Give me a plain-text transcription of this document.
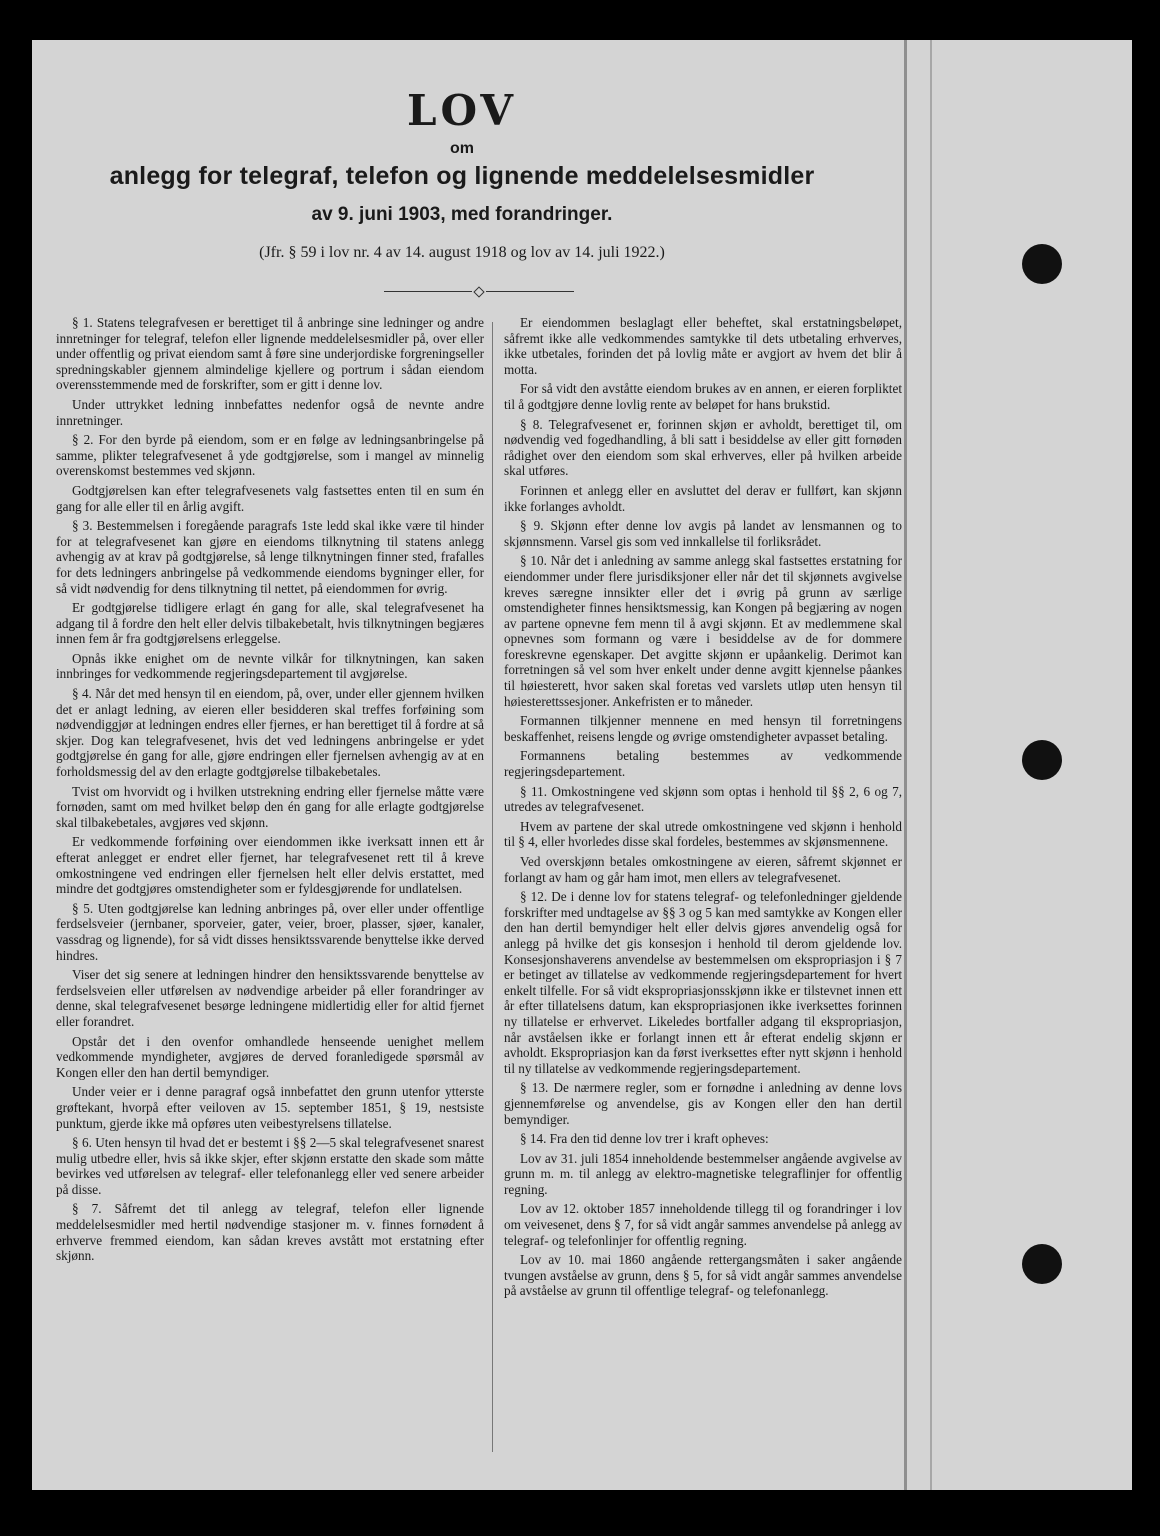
LOV
om
anlegg for telegraf, telefon og lignende meddelelsesmidler
av 9. juni 1903, med forandringer.
(Jfr. § 59 i lov nr. 4 av 14. august 1918 og lov av 14. juli 1922.)

§ 1. Statens telegrafvesen er berettiget til å anbringe sine ledninger og andre innretninger for telegraf, telefon eller lignende meddelelsesmidler på, over eller under offentlig og privat eiendom samt å føre sine underjordiske forgreningseller spredningskabler gjennem almindelige kjellere og portrum i sådan eiendom overensstemmende med de forskrifter, som er gitt i denne lov.

Under uttrykket ledning innbefattes nedenfor også de nevnte andre innretninger.

§ 2. For den byrde på eiendom, som er en følge av ledningsanbringelse på samme, plikter telegrafvesenet å yde godtgjørelse, som i mangel av minnelig overenskomst bestemmes ved skjønn.

Godtgjørelsen kan efter telegrafvesenets valg fastsettes enten til en sum én gang for alle eller til en årlig avgift.

§ 3. Bestemmelsen i foregående paragrafs 1ste ledd skal ikke være til hinder for at telegrafvesenet kan gjøre en eiendoms tilknytning til statens anlegg avhengig av at krav på godtgjørelse, så lenge tilknytningen finner sted, frafalles for dets ledningers anbringelse på vedkommende eiendoms bygninger eller, for så vidt nødvendig for dens tilknytning til nettet, på eiendommen for øvrig.

Er godtgjørelse tidligere erlagt én gang for alle, skal telegrafvesenet ha adgang til å fordre den helt eller delvis tilbakebetalt, hvis tilknytningen begjæres innen fem år fra godtgjørelsens erleggelse.

Opnås ikke enighet om de nevnte vilkår for tilknytningen, kan saken innbringes for vedkommende regjeringsdepartement til avgjørelse.

§ 4. Når det med hensyn til en eiendom, på, over, under eller gjennem hvilken det er anlagt ledning, av eieren eller besidderen skal treffes forføining som nødvendiggjør at ledningen endres eller fjernes, er han berettiget til å fordre at så skjer. Dog kan telegrafvesenet, hvis det ved ledningens anbringelse er ydet godtgjørelse én gang for alle, gjøre endringen eller fjernelsen avhengig av at en forholdsmessig del av den erlagte godtgjørelse tilbakebetales.

Tvist om hvorvidt og i hvilken utstrekning endring eller fjernelse måtte være fornøden, samt om med hvilket beløp den én gang for alle erlagte godtgjørelse skal tilbakebetales, avgjøres ved skjønn.

Er vedkommende forføining over eiendommen ikke iverksatt innen ett år efterat anlegget er endret eller fjernet, har telegrafvesenet rett til å kreve omkostningene ved endringen eller fjernelsen helt eller delvis erstattet, med mindre det godtgjøres omstendigheter som er fyldesgjørende for undlatelsen.

§ 5. Uten godtgjørelse kan ledning anbringes på, over eller under offentlige ferdselsveier (jernbaner, sporveier, gater, veier, broer, plasser, sjøer, kanaler, vassdrag og lignende), for så vidt disses hensiktssvarende benyttelse ikke derved hindres.

Viser det sig senere at ledningen hindrer den hensiktssvarende benyttelse av ferdselsveien eller utførelsen av nødvendige arbeider på eller forandringer av denne, skal telegrafvesenet besørge ledningene midlertidig eller for altid fjernet eller forandret.

Opstår det i den ovenfor omhandlede henseende uenighet mellem vedkommende myndigheter, avgjøres de derved foranledigede spørsmål av Kongen eller den han dertil bemyndiger.

Under veier er i denne paragraf også innbefattet den grunn utenfor ytterste grøftekant, hvorpå efter veiloven av 15. september 1851, § 19, nestsiste punktum, gjerde ikke må opføres uten veibestyrelsens tillatelse.

§ 6. Uten hensyn til hvad det er bestemt i §§ 2—5 skal telegrafvesenet snarest mulig utbedre eller, hvis så ikke skjer, efter skjønn erstatte den skade som måtte bevirkes ved utførelsen av telegraf- eller telefonanlegg eller ved senere arbeider på disse.

§ 7. Såfremt det til anlegg av telegraf, telefon eller lignende meddelelsesmidler med hertil nødvendige stasjoner m. v. finnes fornødent å erhverve fremmed eiendom, kan sådan kreves avstått mot erstatning efter skjønn.

Er eiendommen beslaglagt eller beheftet, skal erstatningsbeløpet, såfremt ikke alle vedkommendes samtykke til dets utbetaling erhverves, ikke utbetales, forinden det på lovlig måte er avgjort av hvem det blir å motta.

For så vidt den avståtte eiendom brukes av en annen, er eieren forpliktet til å godtgjøre denne lovlig rente av beløpet for hans brukstid.

§ 8. Telegrafvesenet er, forinnen skjøn er avholdt, berettiget til, om nødvendig ved fogedhandling, å bli satt i besiddelse av eller gitt fornøden rådighet over den eiendom som skal erhverves, eller på hvilken arbeide skal utføres.

Forinnen et anlegg eller en avsluttet del derav er fullført, kan skjønn ikke forlanges avholdt.

§ 9. Skjønn efter denne lov avgis på landet av lensmannen og to skjønnsmenn. Varsel gis som ved innkallelse til forliksrådet.

§ 10. Når det i anledning av samme anlegg skal fastsettes erstatning for eiendommer under flere jurisdiksjoner eller når det til skjønnets avgivelse kreves særegne innsikter eller det i øvrig på grunn av særlige omstendigheter finnes hensiktsmessig, kan Kongen på begjæring av nogen av partene opnevne fem menn til å avgi skjønn. Et av medlemmene skal opnevnes som formann og være i besiddelse av de for dommere foreskrevne egenskaper. Det avgitte skjønn er upåankelig. Derimot kan forretningen så vel som hver enkelt under denne avgitt kjennelse påankes til høiesterett, hvor saken skal foretas ved varslets utløp uten hensyn til høiesterettssesjoner. Ankefristen er to måneder.

Formannen tilkjenner mennene en med hensyn til forretningens beskaffenhet, reisens lengde og øvrige omstendigheter avpasset betaling.

Formannens betaling bestemmes av vedkommende regjeringsdepartement.

§ 11. Omkostningene ved skjønn som optas i henhold til §§ 2, 6 og 7, utredes av telegrafvesenet.

Hvem av partene der skal utrede omkostningene ved skjønn i henhold til § 4, eller hvorledes disse skal fordeles, bestemmes av skjønsmennene.

Ved overskjønn betales omkostningene av eieren, såfremt skjønnet er forlangt av ham og går ham imot, men ellers av telegrafvesenet.

§ 12. De i denne lov for statens telegraf- og telefonledninger gjeldende forskrifter med undtagelse av §§ 3 og 5 kan med samtykke av Kongen eller den han dertil bemyndiger helt eller delvis gjøres anvendelig også for anlegg på hvilke det gis konsesjon i henhold til derom gjeldende lov. Konsesjonshaverens anvendelse av bestemmelsen om ekspropriasjon i § 7 er betinget av tillatelse av vedkommende regjeringsdepartement for hvert enkelt tilfelle. For så vidt ekspropriasjonsskjønn ikke er tilstevnet innen ett år efter tillatelsens datum, kan ekspropriasjonen ikke iverksettes forinnen ny tillatelse er erhvervet. Likeledes bortfaller adgang til ekspropriasjon, når avståelsen ikke er forlangt innen ett år efterat endelig skjønn er avholdt. Ekspropriasjon kan da først iverksettes efter nytt skjønn i henhold til ny tillatelse av vedkommende regjeringsdepartement.

§ 13. De nærmere regler, som er fornødne i anledning av denne lovs gjennemførelse og anvendelse, gis av Kongen eller den han dertil bemyndiger.

§ 14. Fra den tid denne lov trer i kraft opheves:

Lov av 31. juli 1854 inneholdende bestemmelser angående avgivelse av grunn m. m. til anlegg av elektro-magnetiske telegraflinjer for offentlig regning.

Lov av 12. oktober 1857 inneholdende tillegg til og forandringer i lov om veivesenet, dens § 7, for så vidt angår sammes anvendelse på anlegg av telegraf- og telefonlinjer for offentlig regning.

Lov av 10. mai 1860 angående rettergangsmåten i saker angående tvungen avståelse av grunn, dens § 5, for så vidt angår sammes anvendelse på avståelse av grunn til offentlige telegraf- og telefonanlegg.
